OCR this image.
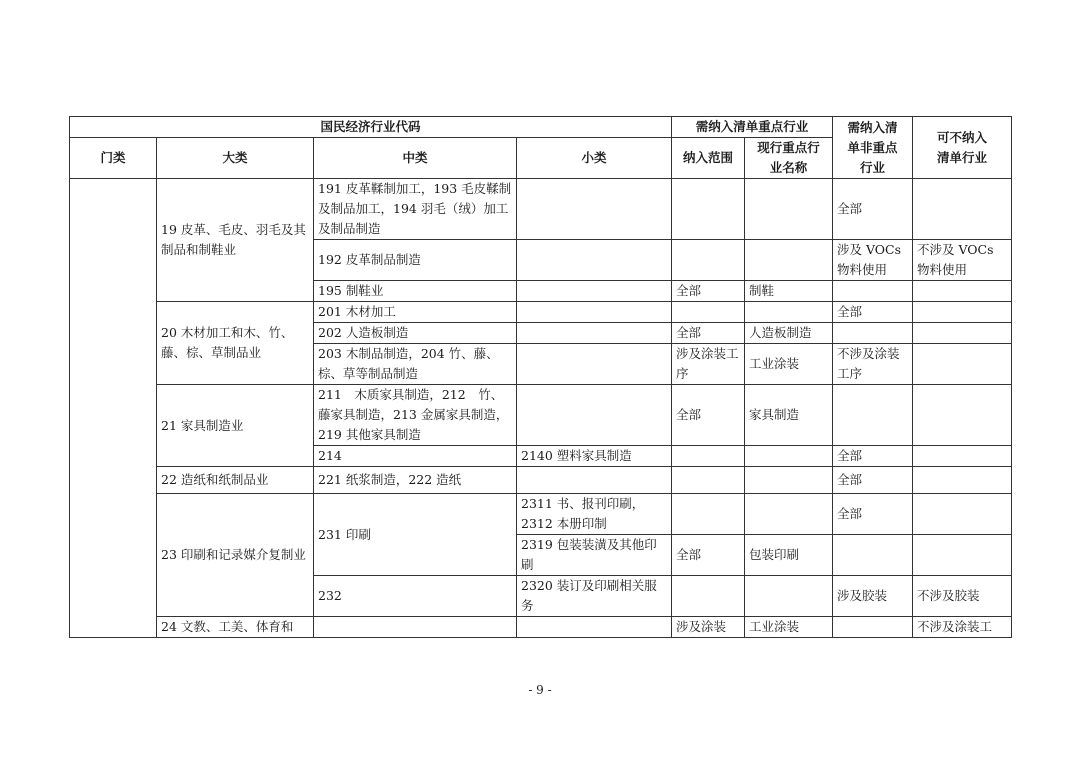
国民经济行业代码				需纳入清单重点行业		需纳入清单非重点行业	可不纳入清单行业
门类	大类	中类	小类	纳入范围	现行重点行业名称		
	19 皮革、毛皮、羽毛及其制品和制鞋业	191 皮革鞣制加工，193 毛皮鞣制及制品加工，194 羽毛（绒）加工及制品制造				全部	
		192 皮革制品制造				涉及 VOCs 物料使用	不涉及 VOCs 物料使用
		195 制鞋业		全部	制鞋		
	20 木材加工和木、竹、藤、棕、草制品业	201 木材加工				全部	
		202 人造板制造		全部	人造板制造		
		203 木制品制造，204 竹、藤、棕、草等制品制造		涉及涂装工序	工业涂装	不涉及涂装工序	
	21 家具制造业	211　木质家具制造，212　竹、藤家具制造，213 金属家具制造，219 其他家具制造		全部	家具制造		
		214	2140 塑料家具制造			全部	
	22 造纸和纸制品业	221 纸浆制造，222 造纸				全部	
	23 印刷和记录媒介复制业	231 印刷	2311 书、报刊印刷，2312 本册印制			全部	
			2319 包装装潢及其他印刷	全部	包装印刷		
		232	2320 装订及印刷相关服务			涉及胶装	不涉及胶装
	24 文教、工美、体育和			涉及涂装	工业涂装		不涉及涂装工
- 9 -
